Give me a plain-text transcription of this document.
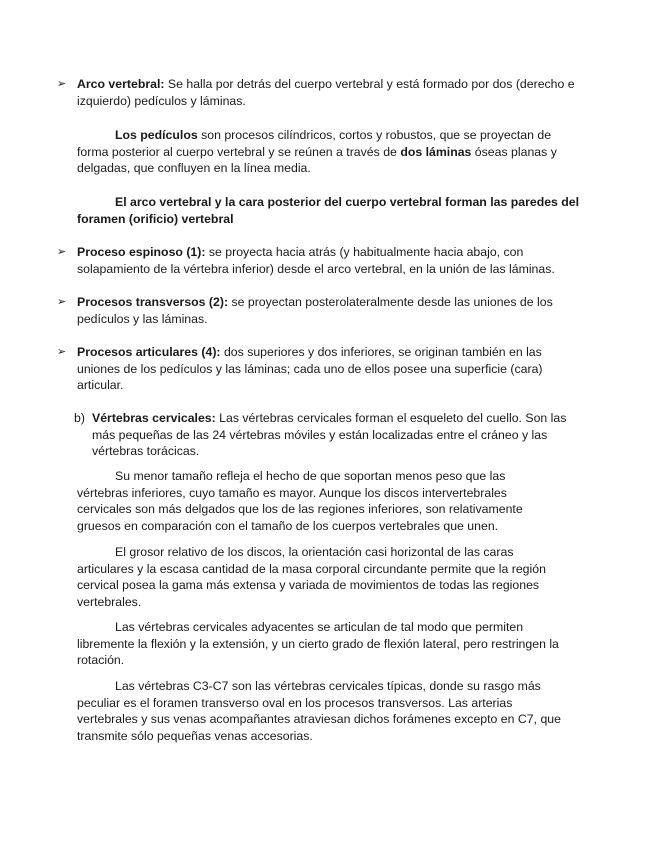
➢ Arco vertebral: Se halla por detrás del cuerpo vertebral y está formado por dos (derecho e izquierdo) pedículos y láminas.

Los pedículos son procesos cilíndricos, cortos y robustos, que se proyectan de forma posterior al cuerpo vertebral y se reúnen a través de dos láminas óseas planas y delgadas, que confluyen en la línea media.

El arco vertebral y la cara posterior del cuerpo vertebral forman las paredes del foramen (orificio) vertebral

➢ Proceso espinoso (1): se proyecta hacia atrás (y habitualmente hacia abajo, con solapamiento de la vértebra inferior) desde el arco vertebral, en la unión de las láminas.

➢ Procesos transversos (2): se proyectan posterolateralmente desde las uniones de los pedículos y las láminas.

➢ Procesos articulares (4): dos superiores y dos inferiores, se originan también en las uniones de los pedículos y las láminas; cada uno de ellos posee una superficie (cara) articular.

b) Vértebras cervicales: Las vértebras cervicales forman el esqueleto del cuello. Son las más pequeñas de las 24 vértebras móviles y están localizadas entre el cráneo y las vértebras torácicas.

Su menor tamaño refleja el hecho de que soportan menos peso que las vértebras inferiores, cuyo tamaño es mayor. Aunque los discos intervertebrales cervicales son más delgados que los de las regiones inferiores, son relativamente gruesos en comparación con el tamaño de los cuerpos vertebrales que unen.

El grosor relativo de los discos, la orientación casi horizontal de las caras articulares y la escasa cantidad de la masa corporal circundante permite que la región cervical posea la gama más extensa y variada de movimientos de todas las regiones vertebrales.

Las vértebras cervicales adyacentes se articulan de tal modo que permiten libremente la flexión y la extensión, y un cierto grado de flexión lateral, pero restringen la rotación.

Las vértebras C3-C7 son las vértebras cervicales típicas, donde su rasgo más peculiar es el foramen transverso oval en los procesos transversos. Las arterias vertebrales y sus venas acompañantes atraviesan dichos forámenes excepto en C7, que transmite sólo pequeñas venas accesorias.
